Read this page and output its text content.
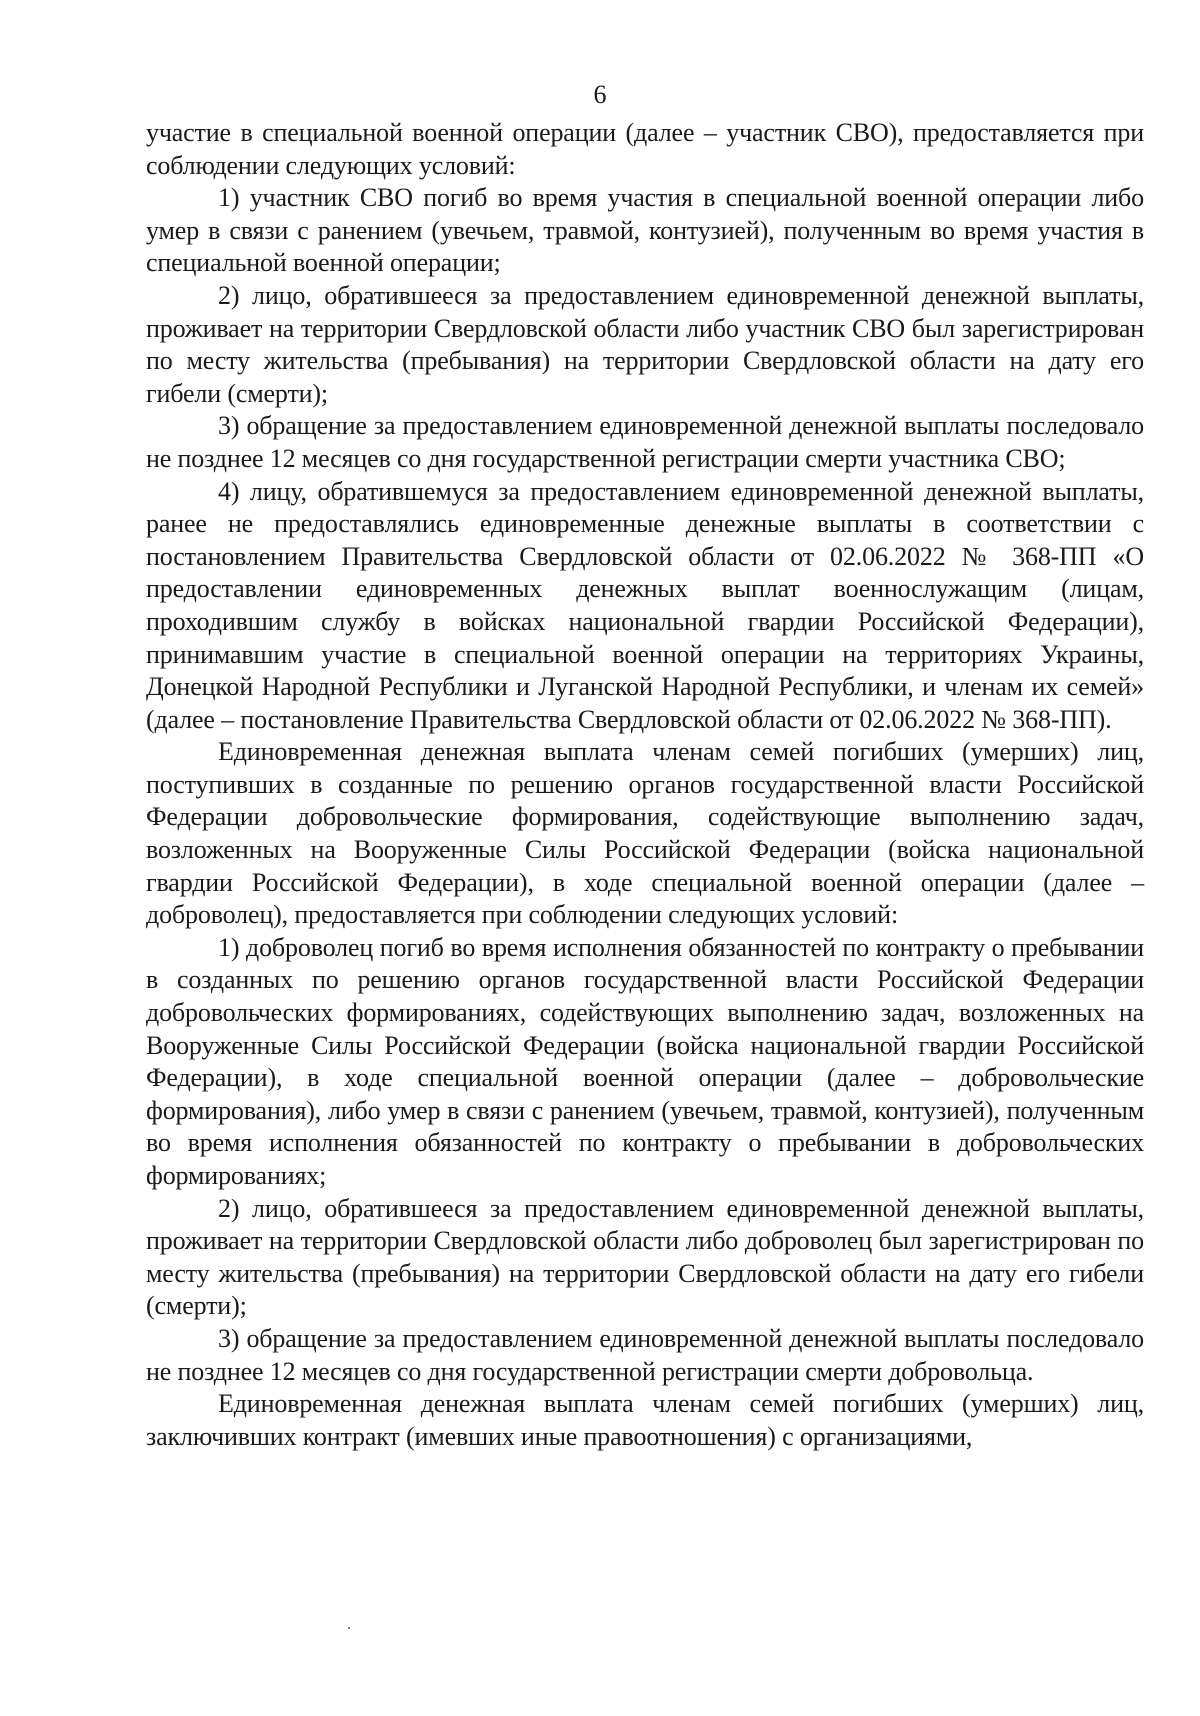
6

участие в специальной военной операции (далее – участник СВО), предоставляется при соблюдении следующих условий:

1) участник СВО погиб во время участия в специальной военной операции либо умер в связи с ранением (увечьем, травмой, контузией), полученным во время участия в специальной военной операции;

2) лицо, обратившееся за предоставлением единовременной денежной выплаты, проживает на территории Свердловской области либо участник СВО был зарегистрирован по месту жительства (пребывания) на территории Свердловской области на дату его гибели (смерти);

3) обращение за предоставлением единовременной денежной выплаты последовало не позднее 12 месяцев со дня государственной регистрации смерти участника СВО;

4) лицу, обратившемуся за предоставлением единовременной денежной выплаты, ранее не предоставлялись единовременные денежные выплаты в соответствии с постановлением Правительства Свердловской области от 02.06.2022 № 368-ПП «О предоставлении единовременных денежных выплат военнослужащим (лицам, проходившим службу в войсках национальной гвардии Российской Федерации), принимавшим участие в специальной военной операции на территориях Украины, Донецкой Народной Республики и Луганской Народной Республики, и членам их семей» (далее – постановление Правительства Свердловской области от 02.06.2022 № 368-ПП).

Единовременная денежная выплата членам семей погибших (умерших) лиц, поступивших в созданные по решению органов государственной власти Российской Федерации добровольческие формирования, содействующие выполнению задач, возложенных на Вооруженные Силы Российской Федерации (войска национальной гвардии Российской Федерации), в ходе специальной военной операции (далее – доброволец), предоставляется при соблюдении следующих условий:

1) доброволец погиб во время исполнения обязанностей по контракту о пребывании в созданных по решению органов государственной власти Российской Федерации добровольческих формированиях, содействующих выполнению задач, возложенных на Вооруженные Силы Российской Федерации (войска национальной гвардии Российской Федерации), в ходе специальной военной операции (далее – добровольческие формирования), либо умер в связи с ранением (увечьем, травмой, контузией), полученным во время исполнения обязанностей по контракту о пребывании в добровольческих формированиях;

2) лицо, обратившееся за предоставлением единовременной денежной выплаты, проживает на территории Свердловской области либо доброволец был зарегистрирован по месту жительства (пребывания) на территории Свердловской области на дату его гибели (смерти);

3) обращение за предоставлением единовременной денежной выплаты последовало не позднее 12 месяцев со дня государственной регистрации смерти добровольца.

Единовременная денежная выплата членам семей погибших (умерших) лиц, заключивших контракт (имевших иные правоотношения) с организациями,
